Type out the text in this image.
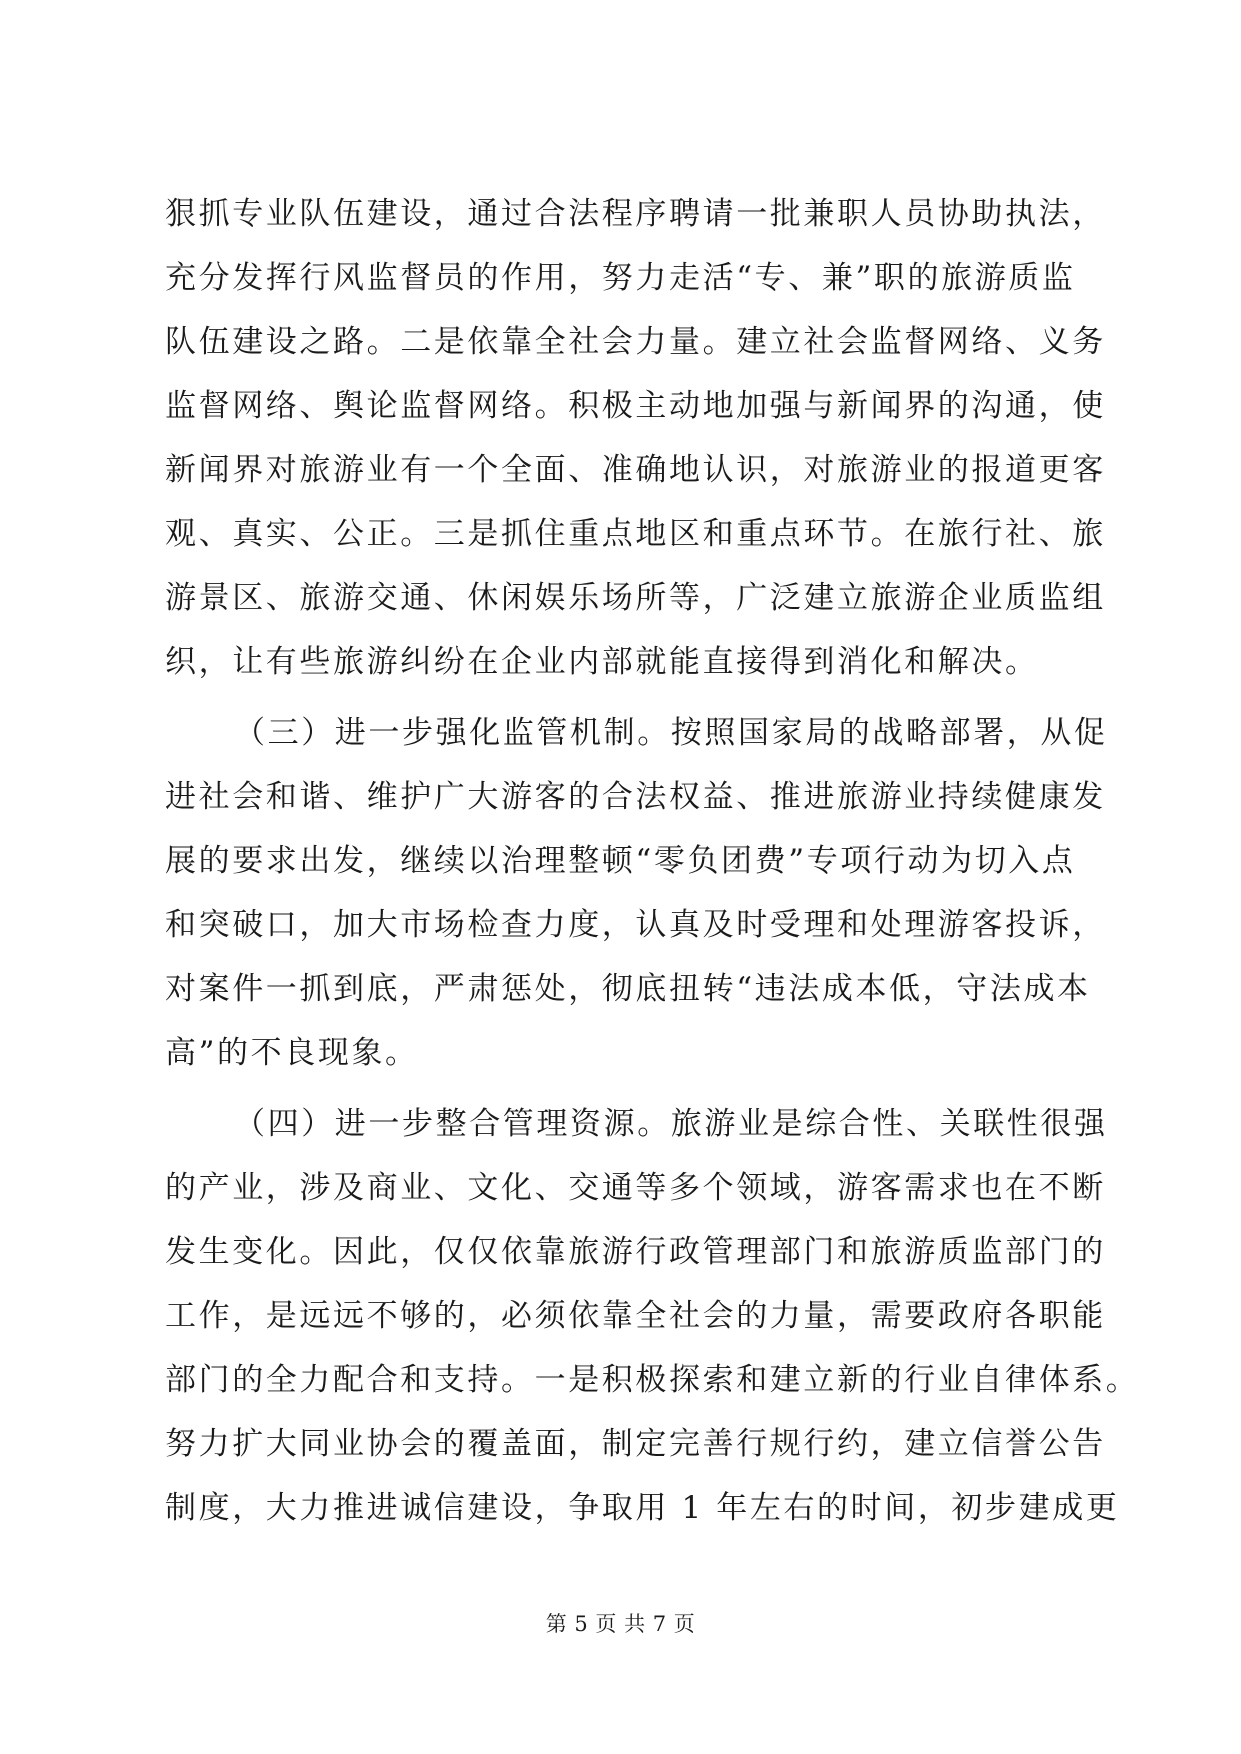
狠抓专业队伍建设，通过合法程序聘请一批兼职人员协助执法，
充分发挥行风监督员的作用，努力走活“专、兼”职的旅游质监
队伍建设之路。二是依靠全社会力量。建立社会监督网络、义务
监督网络、舆论监督网络。积极主动地加强与新闻界的沟通，使
新闻界对旅游业有一个全面、准确地认识，对旅游业的报道更客
观、真实、公正。三是抓住重点地区和重点环节。在旅行社、旅
游景区、旅游交通、休闲娱乐场所等，广泛建立旅游企业质监组
织，让有些旅游纠纷在企业内部就能直接得到消化和解决。
（三）进一步强化监管机制。按照国家局的战略部署，从促
进社会和谐、维护广大游客的合法权益、推进旅游业持续健康发
展的要求出发，继续以治理整顿“零负团费”专项行动为切入点
和突破口，加大市场检查力度，认真及时受理和处理游客投诉，
对案件一抓到底，严肃惩处，彻底扭转“违法成本低，守法成本
高”的不良现象。
（四）进一步整合管理资源。旅游业是综合性、关联性很强
的产业，涉及商业、文化、交通等多个领域，游客需求也在不断
发生变化。因此，仅仅依靠旅游行政管理部门和旅游质监部门的
工作，是远远不够的，必须依靠全社会的力量，需要政府各职能
部门的全力配合和支持。一是积极探索和建立新的行业自律体系。
努力扩大同业协会的覆盖面，制定完善行规行约，建立信誉公告
制度，大力推进诚信建设，争取用 1 年左右的时间，初步建成更
第 5 页 共 7 页
